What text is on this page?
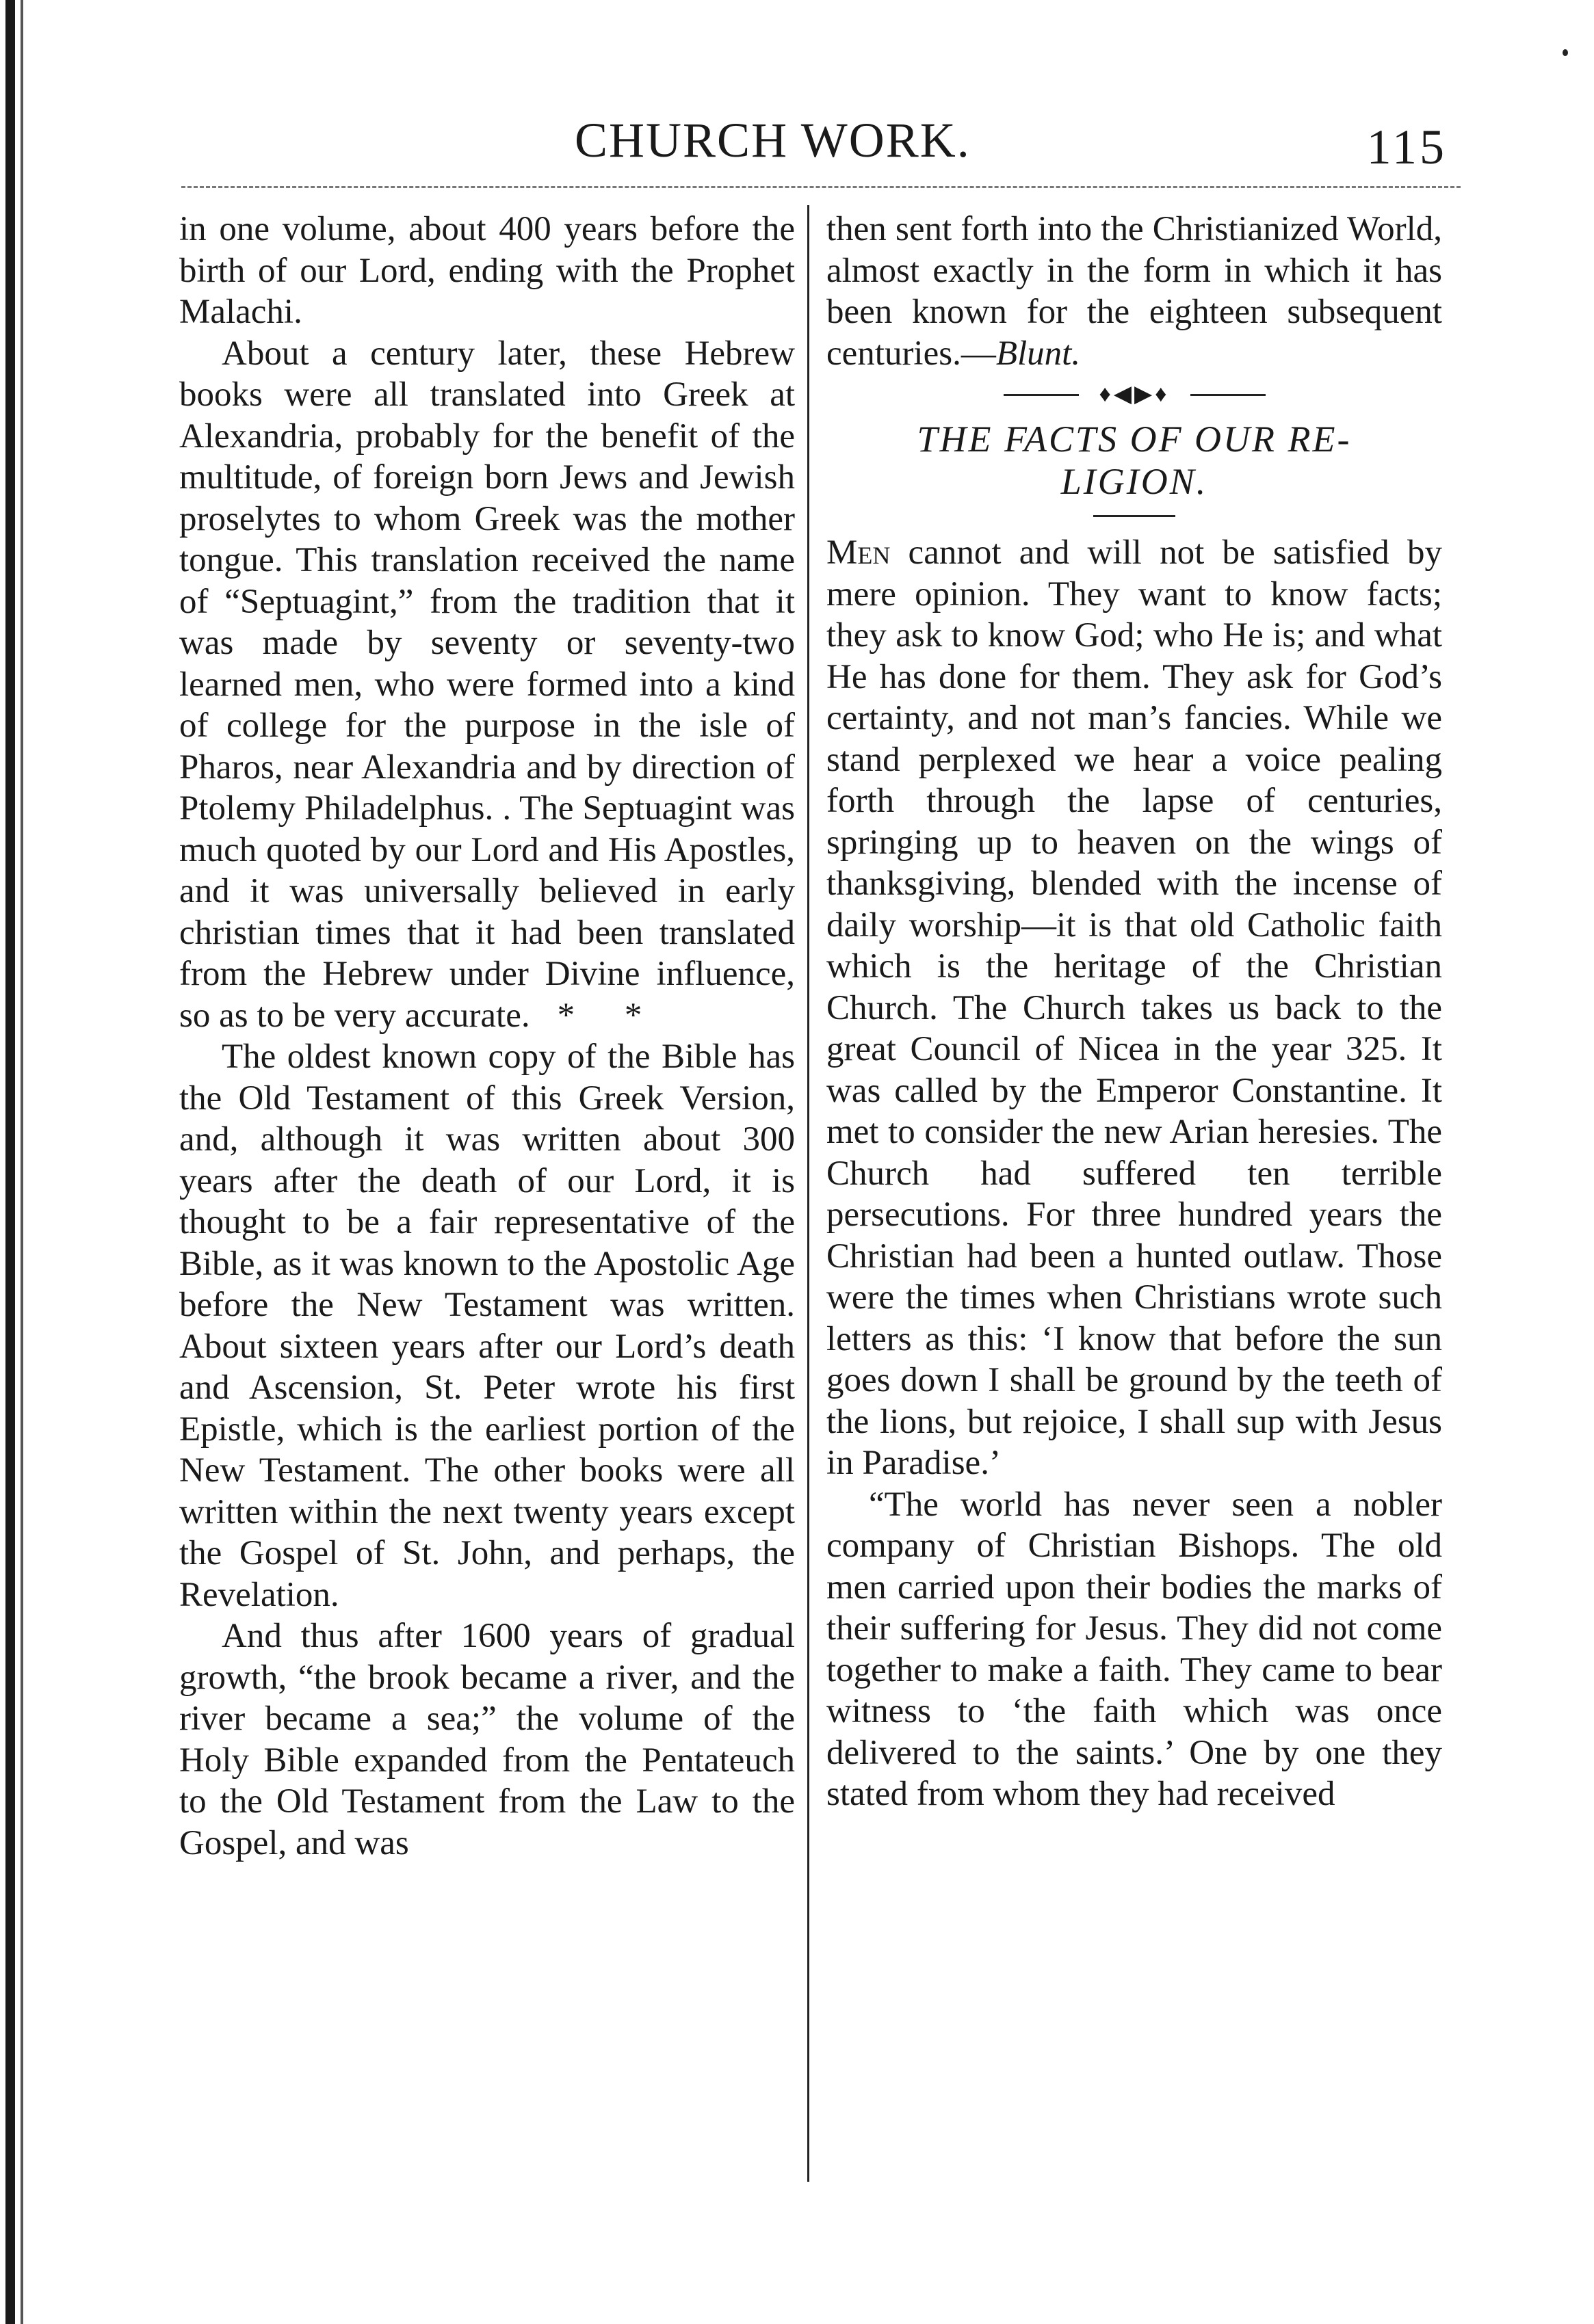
CHURCH WORK.	115

in one volume, about 400 years before the birth of our Lord, ending with the Prophet Malachi.

About a century later, these Hebrew books were all translated into Greek at Alexandria, probably for the benefit of the multitude, of foreign born Jews and Jewish proselytes to whom Greek was the mother tongue. This translation received the name of “Septuagint,” from the tradition that it was made by seventy or seventy-two learned men, who were formed into a kind of college for the purpose in the isle of Pharos, near Alexandria and by direction of Ptolemy Philadelphus. . The Septuagint was much quoted by our Lord and His Apostles, and it was universally believed in early christian times that it had been translated from the Hebrew under Divine influence, so as to be very accurate. * *

The oldest known copy of the Bible has the Old Testament of this Greek Version, and, although it was written about 300 years after the death of our Lord, it is thought to be a fair representative of the Bible, as it was known to the Apostolic Age before the New Testament was written. About sixteen years after our Lord’s death and Ascension, St. Peter wrote his first Epistle, which is the earliest portion of the New Testament. The other books were all written within the next twenty years except the Gospel of St. John, and perhaps, the Revelation.

And thus after 1600 years of gradual growth, “the brook became a river, and the river became a sea;” the volume of the Holy Bible expanded from the Pentateuch to the Old Testament from the Law to the Gospel, and was

then sent forth into the Christianized World, almost exactly in the form in which it has been known for the eighteen subsequent centuries.—Blunt.

♦◀▶♦
THE FACTS OF OUR RE-
LIGION.

Men cannot and will not be satisfied by mere opinion. They want to know facts; they ask to know God; who He is; and what He has done for them. They ask for God’s certainty, and not man’s fancies. While we stand perplexed we hear a voice pealing forth through the lapse of centuries, springing up to heaven on the wings of thanksgiving, blended with the incense of daily worship—it is that old Catholic faith which is the heritage of the Christian Church. The Church takes us back to the great Council of Nicea in the year 325. It was called by the Emperor Constantine. It met to consider the new Arian heresies. The Church had suffered ten terrible persecutions. For three hundred years the Christian had been a hunted outlaw. Those were the times when Christians wrote such letters as this: ‘I know that before the sun goes down I shall be ground by the teeth of the lions, but rejoice, I shall sup with Jesus in Paradise.’

“The world has never seen a nobler company of Christian Bishops. The old men carried upon their bodies the marks of their suffering for Jesus. They did not come together to make a faith. They came to bear witness to ‘the faith which was once delivered to the saints.’ One by one they stated from whom they had received
